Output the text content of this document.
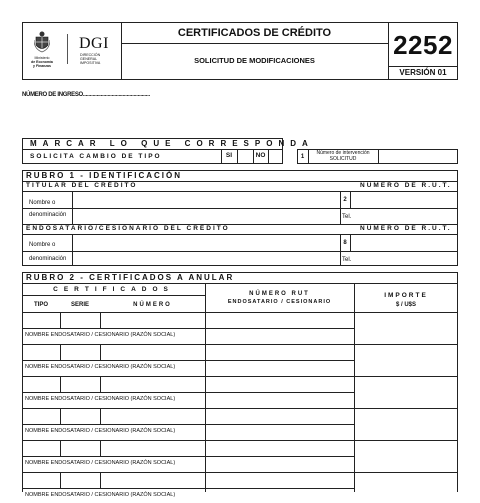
Ministerio
de Economía
y Finanzas
DGI
DIRECCIÓN
GENERAL
IMPOSITIVA
CERTIFICADOS DE CRÉDITO
SOLICITUD DE MODIFICACIONES
2252
VERSIÓN 01
NÚMERO DE INGRESO.................................................
MARCAR LO QUE CORRESPONDA
SOLICITA CAMBIO DE TIPO	SI	NO	1
Número de intervención
SOLICITUD
RUBRO 1 - IDENTIFICACIÓN
TITULAR DEL CRÉDITO	NÚMERO DE R.U.T.
Nombre o
denominación
2
Tel.
ENDOSATARIO/CESIONARIO DEL CRÉDITO	NÚMERO DE R.U.T.
Nombre o
denominación
8
Tel.
RUBRO 2 - CERTIFICADOS A ANULAR
CERTIFICADOS
TIPO	SERIE	NÚMERO
NÚMERO RUT
ENDOSATARIO / CESIONARIO
IMPORTE
$ / U$S
NOMBRE ENDOSATARIO / CESIONARIO (RAZÓN SOCIAL)
NOMBRE ENDOSATARIO / CESIONARIO (RAZÓN SOCIAL)
NOMBRE ENDOSATARIO / CESIONARIO (RAZÓN SOCIAL)
NOMBRE ENDOSATARIO / CESIONARIO (RAZÓN SOCIAL)
NOMBRE ENDOSATARIO / CESIONARIO (RAZÓN SOCIAL)
NOMBRE ENDOSATARIO / CESIONARIO (RAZÓN SOCIAL)
